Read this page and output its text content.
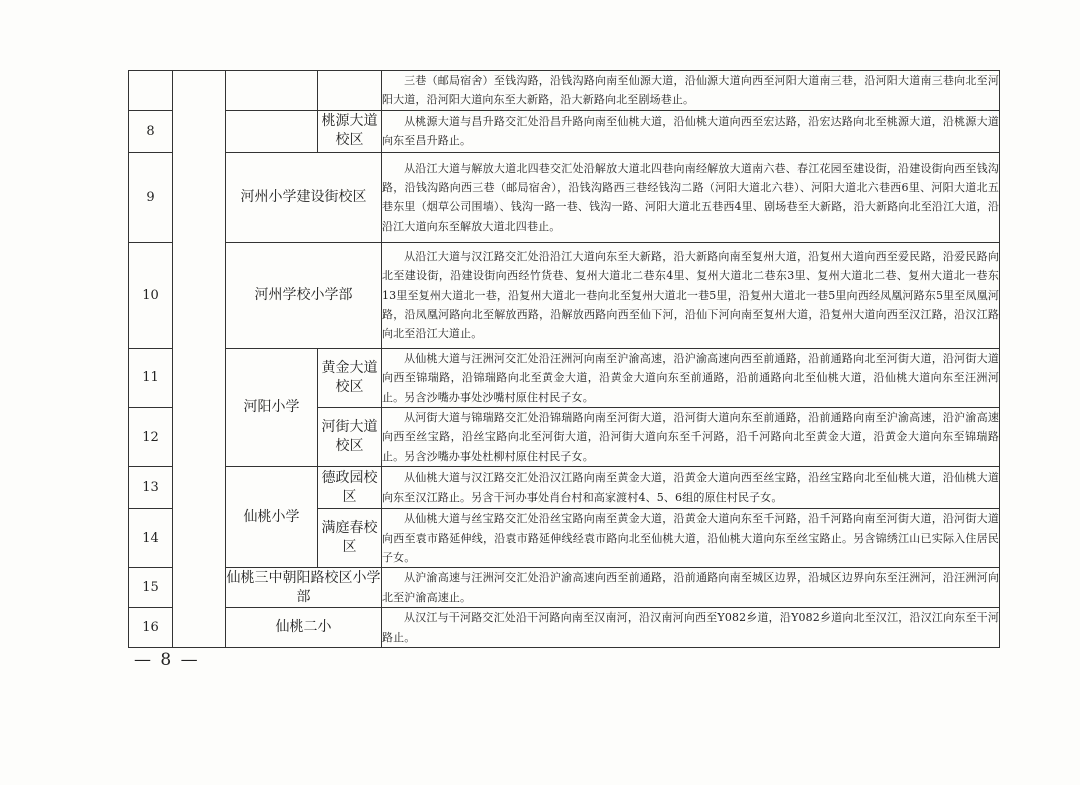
				三巷（邮局宿舍）至钱沟路，沿钱沟路向南至仙源大道，沿仙源大道向西至河阳大道南三巷，沿河阳大道南三巷向北至河阳大道，沿河阳大道向东至大新路，沿大新路向北至剧场巷止。
8			桃源大道校区	从桃源大道与昌升路交汇处沿昌升路向南至仙桃大道，沿仙桃大道向西至宏达路，沿宏达路向北至桃源大道，沿桃源大道向东至昌升路止。
9		河州小学建设街校区		从沿江大道与解放大道北四巷交汇处沿解放大道北四巷向南经解放大道南六巷、春江花园至建设街，沿建设街向西至钱沟路，沿钱沟路向西三巷（邮局宿舍），沿钱沟路西三巷经钱沟二路（河阳大道北六巷）、河阳大道北六巷西6里、河阳大道北五巷东里（烟草公司围墙）、钱沟一路一巷、钱沟一路、河阳大道北五巷西4里、剧场巷至大新路，沿大新路向北至沿江大道，沿沿江大道向东至解放大道北四巷止。
10		河州学校小学部		从沿江大道与汉江路交汇处沿沿江大道向东至大新路，沿大新路向南至复州大道，沿复州大道向西至爱民路，沿爱民路向北至建设街，沿建设街向西经竹货巷、复州大道北二巷东4里、复州大道北二巷东3里、复州大道北二巷、复州大道北一巷东13里至复州大道北一巷，沿复州大道北一巷向北至复州大道北一巷5里，沿复州大道北一巷5里向西经凤凰河路东5里至凤凰河路，沿凤凰河路向北至解放西路，沿解放西路向西至仙下河，沿仙下河向南至复州大道，沿复州大道向西至汉江路，沿汉江路向北至沿江大道止。
11		河阳小学	黄金大道校区	从仙桃大道与汪洲河交汇处沿汪洲河向南至沪渝高速，沿沪渝高速向西至前通路，沿前通路向北至河街大道，沿河街大道向西至锦瑞路，沿锦瑞路向北至黄金大道，沿黄金大道向东至前通路，沿前通路向北至仙桃大道，沿仙桃大道向东至汪洲河止。另含沙嘴办事处沙嘴村原住村民子女。
12			河街大道校区	从河街大道与锦瑞路交汇处沿锦瑞路向南至河街大道，沿河街大道向东至前通路，沿前通路向南至沪渝高速，沿沪渝高速向西至丝宝路，沿丝宝路向北至河街大道，沿河街大道向东至千河路，沿千河路向北至黄金大道，沿黄金大道向东至锦瑞路止。另含沙嘴办事处杜柳村原住村民子女。
13		仙桃小学	德政园校区	从仙桃大道与汉江路交汇处沿汉江路向南至黄金大道，沿黄金大道向西至丝宝路，沿丝宝路向北至仙桃大道，沿仙桃大道向东至汉江路止。另含干河办事处肖台村和高家渡村4、5、6组的原住村民子女。
14			满庭春校区	从仙桃大道与丝宝路交汇处沿丝宝路向南至黄金大道，沿黄金大道向东至千河路，沿千河路向南至河街大道，沿河街大道向西至袁市路延伸线，沿袁市路延伸线经袁市路向北至仙桃大道，沿仙桃大道向东至丝宝路止。另含锦绣江山已实际入住居民子女。
15		仙桃三中朝阳路校区小学部		从沪渝高速与汪洲河交汇处沿沪渝高速向西至前通路，沿前通路向南至城区边界，沿城区边界向东至汪洲河，沿汪洲河向北至沪渝高速止。
16		仙桃二小		从汉江与干河路交汇处沿干河路向南至汉南河，沿汉南河向西至Y082乡道，沿Y082乡道向北至汉江，沿汉江向东至干河路止。
— 8 —
